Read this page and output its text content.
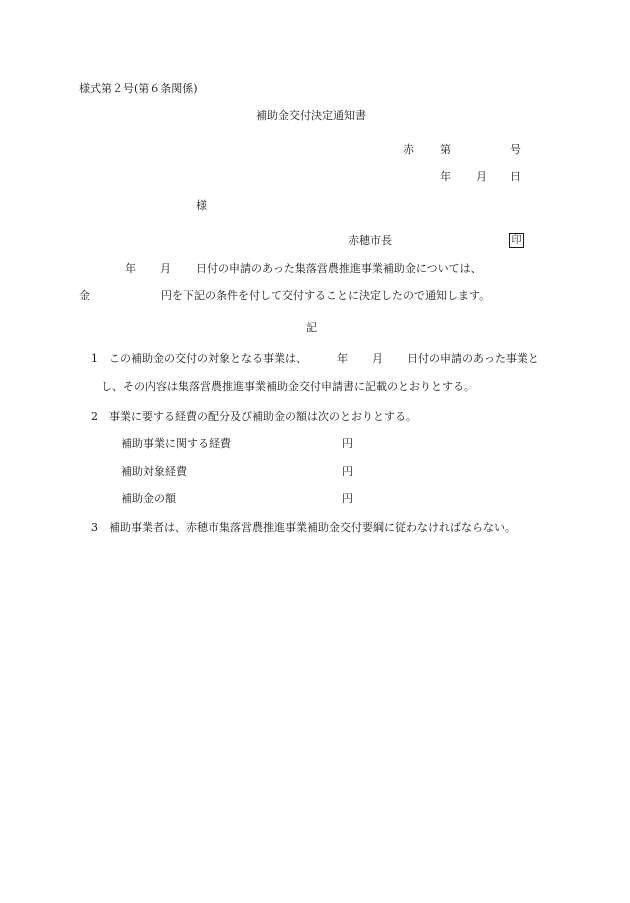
様式第２号(第６条関係)
補助金交付決定通知書
赤 第	号
年 月 日
様
赤穂市長	印
年 月 日付の申請のあった集落営農推進事業補助金については、
金	円を下記の条件を付して交付することに決定したので通知します。
記
1 この補助金の交付の対象となる事業は、	年 月 日付の申請のあった事業と
し、その内容は集落営農推進事業補助金交付申請書に記載のとおりとする。
2 事業に要する経費の配分及び補助金の額は次のとおりとする。
補助事業に関する経費	円
補助対象経費	円
補助金の額	円
3 補助事業者は、赤穂市集落営農推進事業補助金交付要綱に従わなければならない。
